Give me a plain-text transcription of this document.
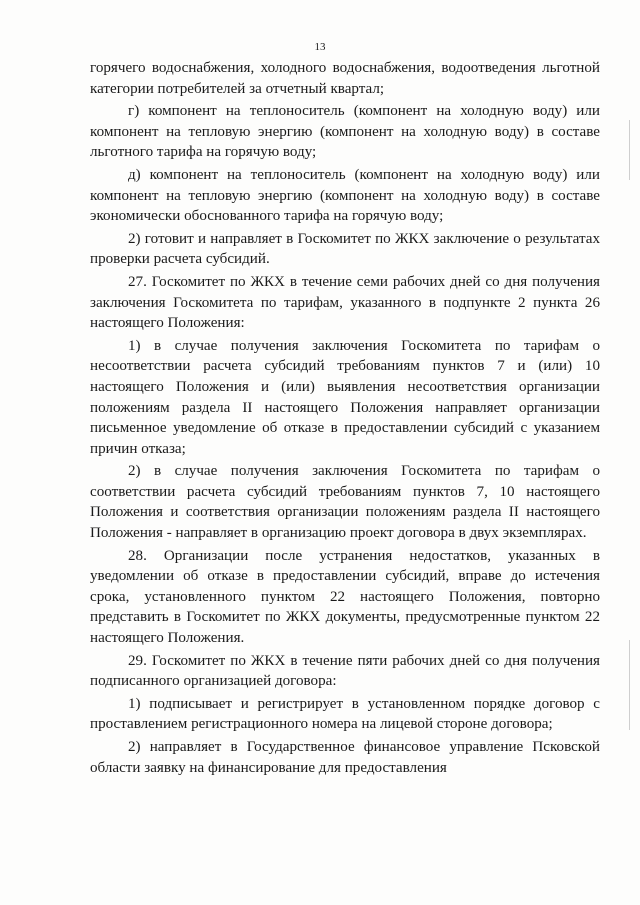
13

горячего водоснабжения, холодного водоснабжения, водоотведения льготной категории потребителей за отчетный квартал;

г) компонент на теплоноситель (компонент на холодную воду) или компонент на тепловую энергию (компонент на холодную воду) в составе льготного тарифа на горячую воду;

д) компонент на теплоноситель (компонент на холодную воду) или компонент на тепловую энергию (компонент на холодную воду) в составе экономически обоснованного тарифа на горячую воду;

2) готовит и направляет в Госкомитет по ЖКХ заключение о результатах проверки расчета субсидий.

27. Госкомитет по ЖКХ в течение семи рабочих дней со дня получения заключения Госкомитета по тарифам, указанного в подпункте 2 пункта 26 настоящего Положения:

1) в случае получения заключения Госкомитета по тарифам о несоответствии расчета субсидий требованиям пунктов 7 и (или) 10 настоящего Положения и (или) выявления несоответствия организации положениям раздела II настоящего Положения направляет организации письменное уведомление об отказе в предоставлении субсидий с указанием причин отказа;

2) в случае получения заключения Госкомитета по тарифам о соответствии расчета субсидий требованиям пунктов 7, 10 настоящего Положения и соответствия организации положениям раздела II настоящего Положения - направляет в организацию проект договора в двух экземплярах.

28. Организации после устранения недостатков, указанных в уведомлении об отказе в предоставлении субсидий, вправе до истечения срока, установленного пунктом 22 настоящего Положения, повторно представить в Госкомитет по ЖКХ документы, предусмотренные пунктом 22 настоящего Положения.

29. Госкомитет по ЖКХ в течение пяти рабочих дней со дня получения подписанного организацией договора:

1) подписывает и регистрирует в установленном порядке договор с проставлением регистрационного номера на лицевой стороне договора;

2) направляет в Государственное финансовое управление Псковской области заявку на финансирование для предоставления
